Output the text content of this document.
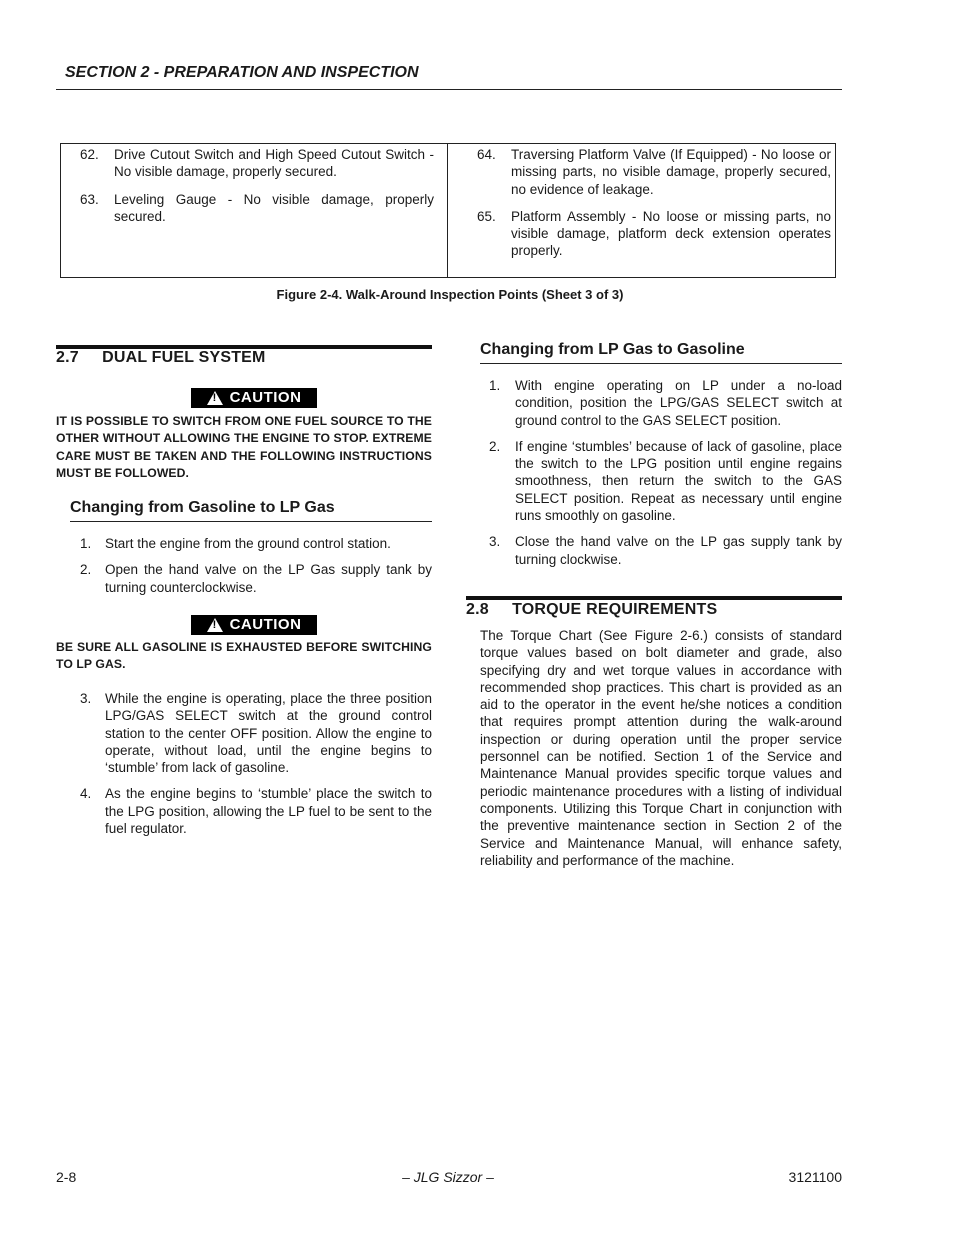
SECTION 2 - PREPARATION AND INSPECTION
62.	Drive Cutout Switch and High Speed Cutout Switch - No visible damage, properly secured.
63.	Leveling Gauge - No visible damage, properly secured.
64.	Traversing Platform Valve (If Equipped) - No loose or missing parts, no visible damage, properly secured, no evidence of leakage.
65.	Platform Assembly - No loose or missing parts, no visible damage, platform deck extension operates properly.
Figure 2-4. Walk-Around Inspection Points (Sheet 3 of 3)
2.7     DUAL FUEL SYSTEM
! CAUTION
IT IS POSSIBLE TO SWITCH FROM ONE FUEL SOURCE TO THE OTHER WITHOUT ALLOWING THE ENGINE TO STOP. EXTREME CARE MUST BE TAKEN AND THE FOLLOWING INSTRUCTIONS MUST BE FOLLOWED.
Changing from Gasoline to LP Gas
1.	Start the engine from the ground control station.
2.	Open the hand valve on the LP Gas supply tank by turning counterclockwise.
! CAUTION
BE SURE ALL GASOLINE IS EXHAUSTED BEFORE SWITCHING TO LP GAS.
3.	While the engine is operating, place the three position LPG/GAS SELECT switch at the ground control station to the center OFF position. Allow the engine to operate, without load, until the engine begins to ‘stumble’ from lack of gasoline.
4.	As the engine begins to ‘stumble’ place the switch to the LPG position, allowing the LP fuel to be sent to the fuel regulator.
Changing from LP Gas to Gasoline
1.	With engine operating on LP under a no-load condition, position the LPG/GAS SELECT switch at ground control to the GAS SELECT position.
2.	If engine ‘stumbles’ because of lack of gasoline, place the switch to the LPG position until engine regains smoothness, then return the switch to the GAS SELECT position. Repeat as necessary until engine runs smoothly on gasoline.
3.	Close the hand valve on the LP gas supply tank by turning clockwise.
2.8     TORQUE REQUIREMENTS
The Torque Chart (See Figure 2-6.) consists of standard torque values based on bolt diameter and grade, also specifying dry and wet torque values in accordance with recommended shop practices. This chart is provided as an aid to the operator in the event he/she notices a condition that requires prompt attention during the walk-around inspection or during operation until the proper service personnel can be notified. Section 1 of the Service and Maintenance Manual provides specific torque values and periodic maintenance procedures with a listing of individual components. Utilizing this Torque Chart in conjunction with the preventive maintenance section in Section 2 of the Service and Maintenance Manual, will enhance safety, reliability and performance of the machine.
2-8	– JLG Sizzor –	3121100
